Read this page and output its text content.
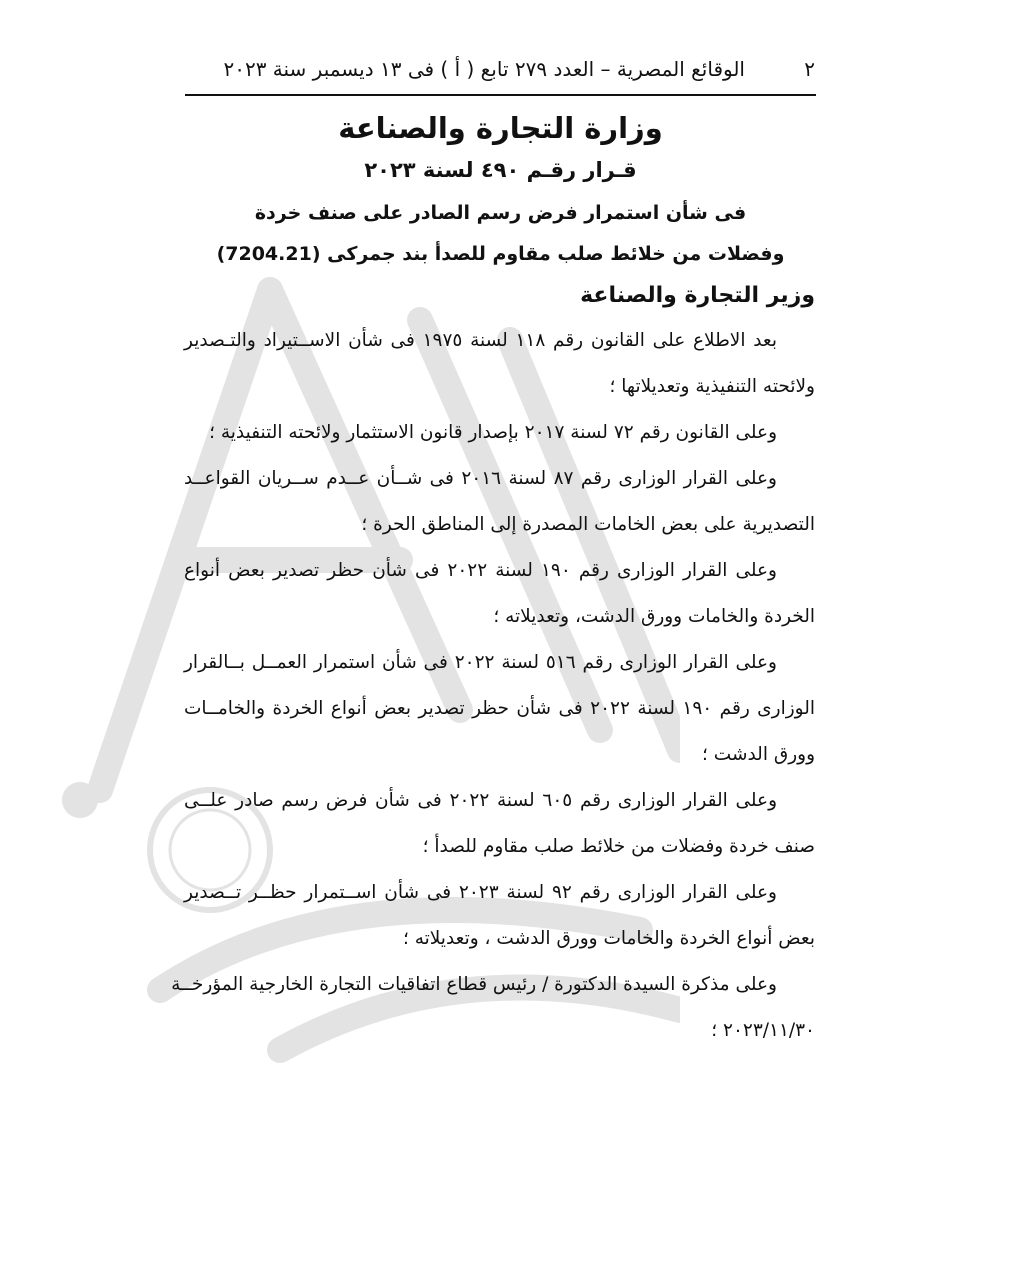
٢
الوقائع المصرية – العدد ٢٧٩ تابع ( أ ) فى ١٣ ديسمبر سنة ٢٠٢٣
وزارة التجارة والصناعة
قـرار رقـم ٤٩٠ لسنة ٢٠٢٣
فى شأن استمرار فرض رسم الصادر على صنف خردة
وفضلات من خلائط صلب مقاوم للصدأ بند جمركى (7204.21)
وزير التجارة والصناعة
بعد الاطلاع على القانون رقم ١١٨ لسنة ١٩٧٥ فى شأن الاســتيراد والتـصدير
ولائحته التنفيذية وتعديلاتها ؛
وعلى القانون رقم ٧٢ لسنة ٢٠١٧ بإصدار قانون الاستثمار ولائحته التنفيذية ؛
وعلى القرار الوزارى رقم ٨٧ لسنة ٢٠١٦ فى شــأن عــدم ســريان القواعــد
التصديرية على بعض الخامات المصدرة إلى المناطق الحرة ؛
وعلى القرار الوزارى رقم ١٩٠ لسنة ٢٠٢٢ فى شأن حظر تصدير بعض أنواع
الخردة والخامات وورق الدشت، وتعديلاته ؛
وعلى القرار الوزارى رقم ٥١٦ لسنة ٢٠٢٢ فى شأن استمرار العمــل بــالقرار
الوزارى رقم ١٩٠ لسنة ٢٠٢٢ فى شأن حظر تصدير بعض أنواع الخردة والخامــات
وورق الدشت ؛
وعلى القرار الوزارى رقم ٦٠٥ لسنة ٢٠٢٢ فى شأن فرض رسم صادر علــى
صنف خردة وفضلات من خلائط صلب مقاوم للصدأ ؛
وعلى القرار الوزارى رقم ٩٢ لسنة ٢٠٢٣ فى شأن اســتمرار حظــر تــصدير
بعض أنواع الخردة والخامات وورق الدشت ، وتعديلاته ؛
وعلى مذكرة السيدة الدكتورة / رئيس قطاع اتفاقيات التجارة الخارجية المؤرخــة
٢٠٢٣/١١/٣٠ ؛
